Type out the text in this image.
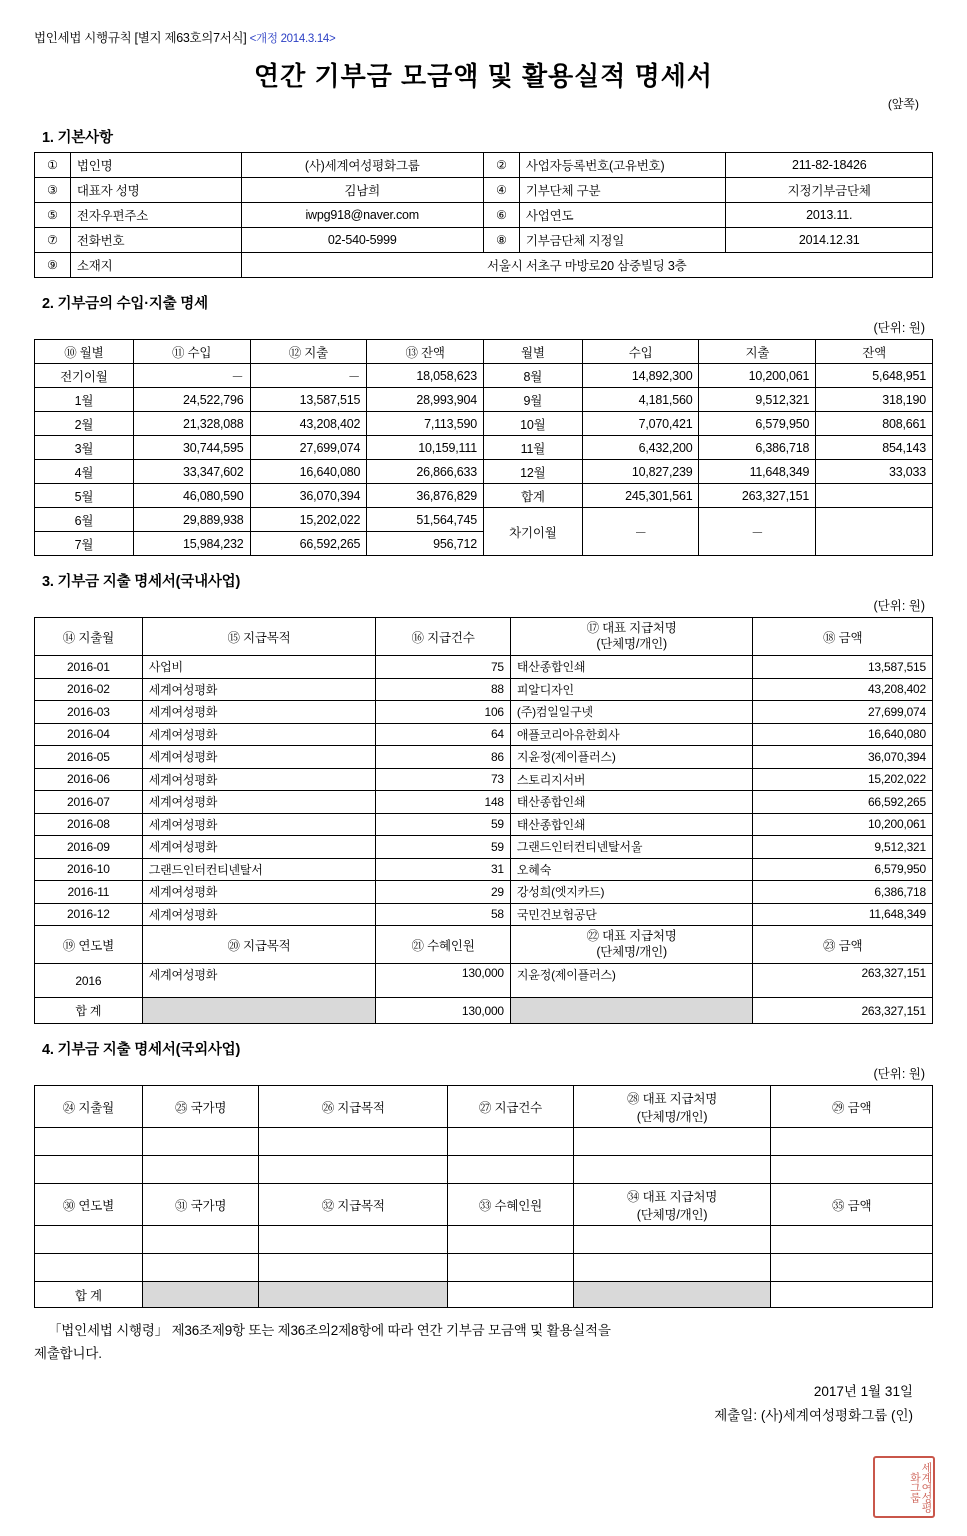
법인세법 시행규칙 [별지 제63호의7서식] <개정 2014.3.14>
연간 기부금 모금액 및 활용실적 명세서
(앞쪽)
1. 기본사항
①	법인명	(사)세계여성평화그룹	②	사업자등록번호(고유번호)	211-82-18426
③	대표자 성명	김남희	④	기부단체 구분	지정기부금단체
⑤	전자우편주소	iwpg918@naver.com	⑥	사업연도	2013.11.
⑦	전화번호	02-540-5999	⑧	기부금단체 지정일	2014.12.31
⑨	소재지	서울시 서초구 마방로20 삼중빌딩 3층			
2. 기부금의 수입·지출 명세
(단위: 원)
⑩ 월별	⑪ 수입	⑫ 지출	⑬ 잔액	월별	수입	지출	잔액
전기이월	－	－	18,058,623	8월	14,892,300	10,200,061	5,648,951
1월	24,522,796	13,587,515	28,993,904	9월	4,181,560	9,512,321	318,190
2월	21,328,088	43,208,402	7,113,590	10월	7,070,421	6,579,950	808,661
3월	30,744,595	27,699,074	10,159,111	11월	6,432,200	6,386,718	854,143
4월	33,347,602	16,640,080	26,866,633	12월	10,827,239	11,648,349	33,033
5월	46,080,590	36,070,394	36,876,829	합계	245,301,561	263,327,151	
6월	29,889,938	15,202,022	51,564,745	차기이월	－	－	
7월	15,984,232	66,592,265	956,712				
3. 기부금 지출 명세서(국내사업)
(단위: 원)
⑭ 지출월	⑮ 지급목적	⑯ 지급건수	⑰ 대표 지급처명
(단체명/개인)	⑱ 금액
2016-01	사업비	75	태산종합인쇄	13,587,515
2016-02	세계여성평화	88	피알디자인	43,208,402
2016-03	세계여성평화	106	(주)컴일일구넷	27,699,074
2016-04	세계여성평화	64	애플코리아유한회사	16,640,080
2016-05	세계여성평화	86	지윤정(제이플러스)	36,070,394
2016-06	세계여성평화	73	스토리지서버	15,202,022
2016-07	세계여성평화	148	태산종합인쇄	66,592,265
2016-08	세계여성평화	59	태산종합인쇄	10,200,061
2016-09	세계여성평화	59	그랜드인터컨티넨탈서울	9,512,321
2016-10	그랜드인터컨티넨탈서	31	오혜숙	6,579,950
2016-11	세계여성평화	29	강성희(엣지카드)	6,386,718
2016-12	세계여성평화	58	국민건보험공단	11,648,349
⑲ 연도별	⑳ 지급목적	㉑ 수혜인원	㉒ 대표 지급처명
(단체명/개인)	㉓ 금액
2016	세계여성평화	130,000	지윤정(제이플러스)	263,327,151
합 계		130,000		263,327,151
4. 기부금 지출 명세서(국외사업)
(단위: 원)
㉔ 지출월	㉕ 국가명	㉖ 지급목적	㉗ 지급건수	㉘ 대표 지급처명
(단체명/개인)	㉙ 금액

㉚ 연도별	㉛ 국가명	㉜ 지급목적	㉝ 수혜인원	㉞ 대표 지급처명
(단체명/개인)	㉟ 금액

합 계					
「법인세법 시행령」 제36조제9항 또는 제36조의2제8항에 따라 연간 기부금 모금액 및 활용실적을
제출합니다.
2017년 1월 31일
제출일: (사)세계여성평화그룹 (인)
세계여성평화그룹
